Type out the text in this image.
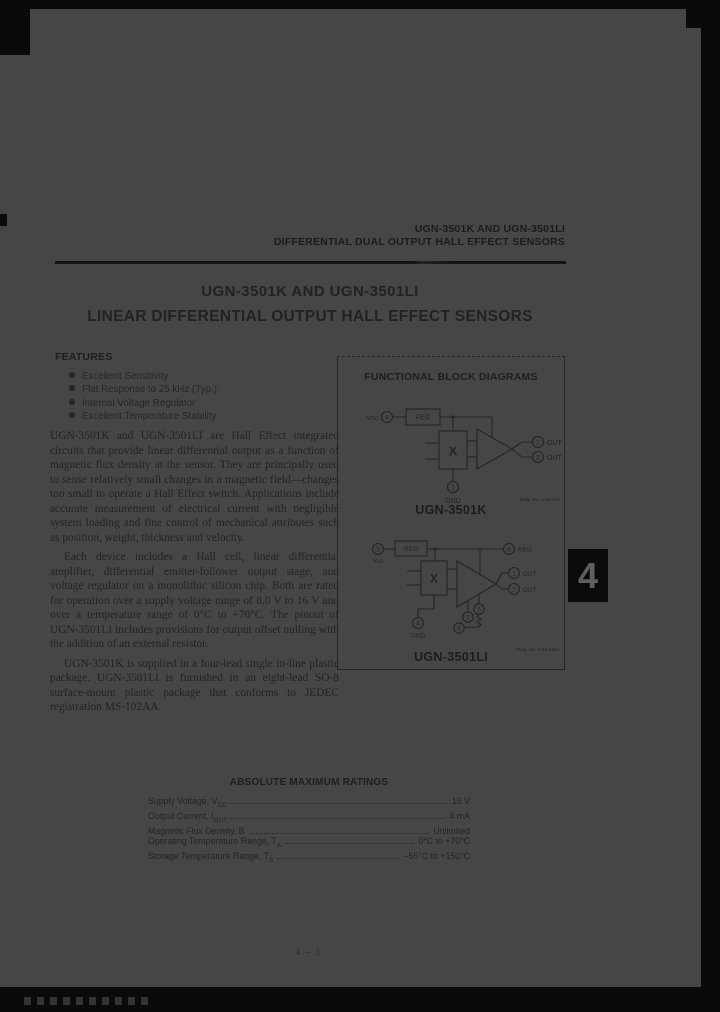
UGN-3501K AND UGN-3501LI
DIFFERENTIAL DUAL OUTPUT HALL EFFECT SENSORS
UGN-3501K AND UGN-3501LI
LINEAR DIFFERENTIAL OUTPUT HALL EFFECT SENSORS
FEATURES
Excellent Sensitivity
Flat Response to 25 kHz (Typ.)
Internal Voltage Regulator
Excellent Temperature Stability

UGN-3501K and UGN-3501LI are Hall Effect integrated circuits that provide linear differential output as a function of magnetic flux density at the sensor. They are principally used to sense relatively small changes in a magnetic field—changes too small to operate a Hall Effect switch. Applications include accurate measurement of electrical current with negligible system loading and fine control of mechanical attributes such as position, weight, thickness and velocity.

Each device includes a Hall cell, linear differential amplifier, differential emitter-follower output stage, and voltage regulator on a monolithic silicon chip. Both are rated for operation over a supply voltage range of 8.0 V to 16 V and over a temperature range of 0°C to +70°C. The pinout of UGN-3501LI includes provisions for output offset nulling with the addition of an external resistor.

UGN-3501K is supplied in a four-lead single in-line plastic package. UGN-3501LI is furnished in an eight-lead SO-8 surface-mount plastic package that conforms to JEDEC registration MS-102AA.

FUNCTIONAL BLOCK DIAGRAMS
Vcc 4	REG
X
2 OUT
3 OUT
1
GND	Dwg. No. A-14,412
UGN-3501K
3
Vcc
REG
X
8 REG
1 OUT
2 OUT
4
GND
5
7
6
Dwg. No. A-10,426A
UGN-3501LI
4
ABSOLUTE MAXIMUM RATINGS
Supply Voltage, $V_{CC}$	16 V
Output Current, $I_{OUT}$	4 mA
Magnetic Flux Density, B	Unlimited
Operating Temperature Range, $T_A$	0°C to +70°C
Storage Temperature Range, $T_S$	−65°C to +150°C
4–3
